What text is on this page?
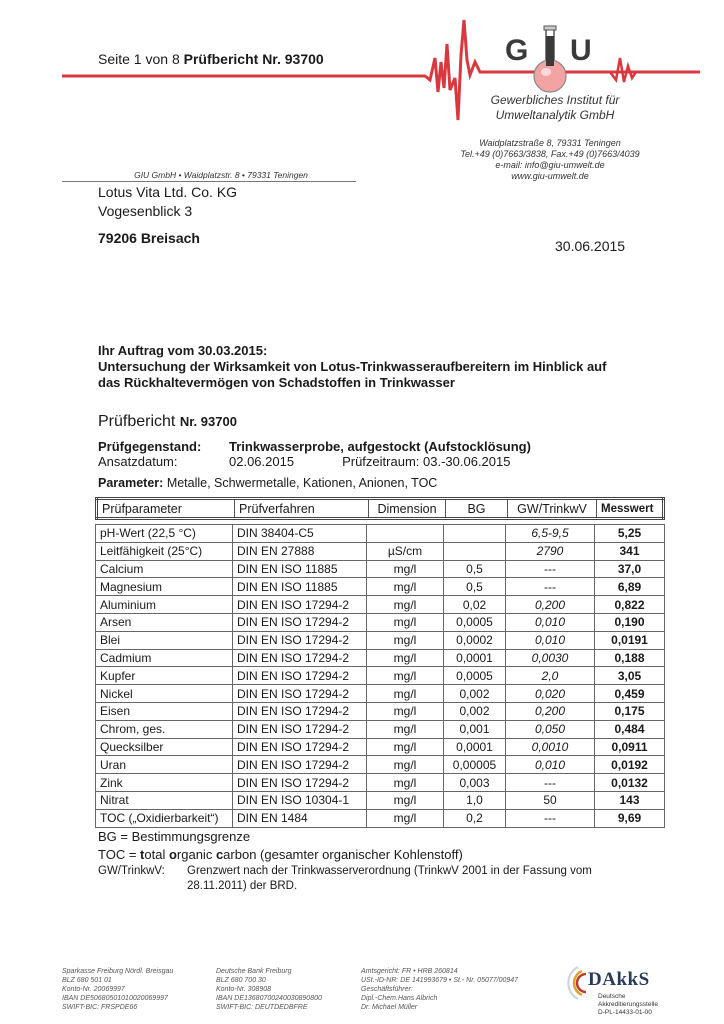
G U
Seite 1 von 8 Prüfbericht Nr. 93700
Gewerbliches Institut für
Umweltanalytik GmbH
Waidplatzstraße 8, 79331 Teningen
Tel.+49 (0)7663/3838, Fax.+49 (0)7663/4039
e-mail: info@giu-umwelt.de
www.giu-umwelt.de
GIU GmbH • Waidplatzstr. 8 • 79331 Teningen
Lotus Vita Ltd. Co. KG
Vogesenblick 3
79206 Breisach	30.06.2015
Ihr Auftrag vom 30.03.2015:
Untersuchung der Wirksamkeit von Lotus-Trinkwasseraufbereitern im Hinblick auf
das Rückhaltevermögen von Schadstoffen in Trinkwasser
Prüfbericht Nr. 93700
Prüfgegenstand:	Trinkwasserprobe, aufgestockt (Aufstocklösung)
Ansatzdatum:	02.06.2015	Prüfzeitraum:
03.-30.06.2015
Parameter: Metalle, Schwermetalle, Kationen, Anionen, TOC
Prüfparameter	Prüfverfahren	Dimension	BG	GW/TrinkwV	Messwert
pH-Wert (22,5 °C)	DIN 38404-C5			6,5-9,5	5,25
Leitfähigkeit (25°C)	DIN EN 27888	µS/cm		2790	341
Calcium	DIN EN ISO 11885	mg/l	0,5	---	37,0
Magnesium	DIN EN ISO 11885	mg/l	0,5	---	6,89
Aluminium	DIN EN ISO 17294-2	mg/l	0,02	0,200	0,822
Arsen	DIN EN ISO 17294-2	mg/l	0,0005	0,010	0,190
Blei	DIN EN ISO 17294-2	mg/l	0,0002	0,010	0,0191
Cadmium	DIN EN ISO 17294-2	mg/l	0,0001	0,0030	0,188
Kupfer	DIN EN ISO 17294-2	mg/l	0,0005	2,0	3,05
Nickel	DIN EN ISO 17294-2	mg/l	0,002	0,020	0,459
Eisen	DIN EN ISO 17294-2	mg/l	0,002	0,200	0,175
Chrom, ges.	DIN EN ISO 17294-2	mg/l	0,001	0,050	0,484
Quecksilber	DIN EN ISO 17294-2	mg/l	0,0001	0,0010	0,0911
Uran	DIN EN ISO 17294-2	mg/l	0,00005	0,010	0,0192
Zink	DIN EN ISO 17294-2	mg/l	0,003	---	0,0132
Nitrat	DIN EN ISO 10304-1	mg/l	1,0	50	143
TOC („Oxidierbarkeit“)	DIN EN 1484	mg/l	0,2	---	9,69
BG = Bestimmungsgrenze
TOC = total organic carbon (gesamter organischer Kohlenstoff)
GW/TrinkwV:	Grenzwert nach der Trinkwasserverordnung (TrinkwV 2001 in der Fassung vom
28.11.2011) der BRD.
Sparkasse Freiburg Nördl. Breisgau
BLZ 680 501 01
Konto-Nr. 20069997
IBAN DE50680501010020069997
SWIFT-BIC: FRSPDE66
Deutsche Bank Freiburg
BLZ 680 700 30
Konto-Nr. 308908
IBAN DE13680700240030890800
SWIFT-BIC: DEUTDEDBFRE
Amtsgericht: FR • HRB 260814
USt.-ID-NR: DE 141993679 • St.- Nr. 05077/00947
Geschäftsführer:
Dipl.-Chem.Hans Albrich
Dr. Michael Müller
DAkkS
Deutsche
Akkreditierungsstelle
D-PL-14433-01-00
